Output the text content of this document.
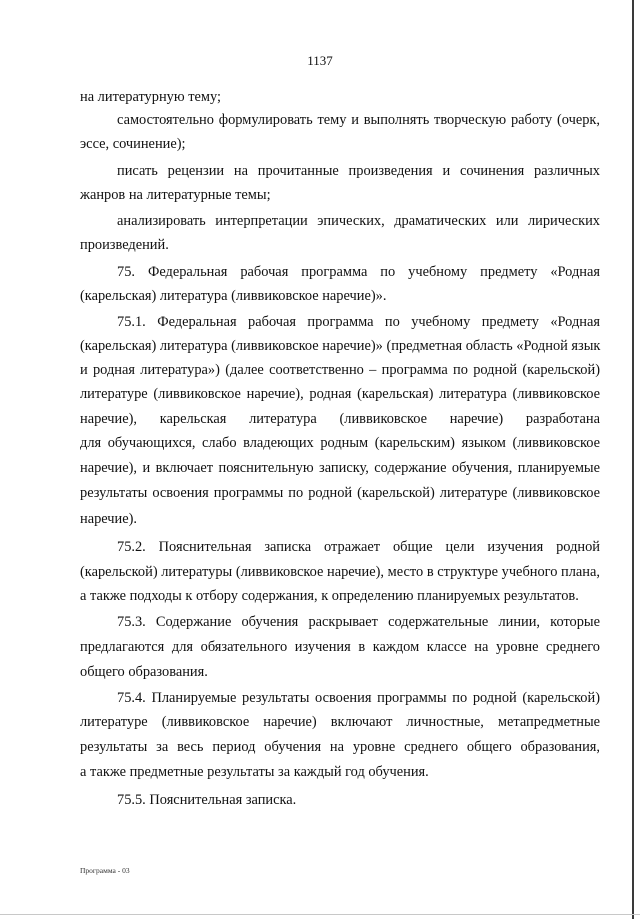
1137
на литературную тему;
самостоятельно формулировать тему и выполнять творческую работу (очерк,
эссе, сочинение);
писать рецензии на прочитанные произведения и сочинения различных
жанров на литературные темы;
анализировать интерпретации эпических, драматических или лирических
произведений.
75. Федеральная рабочая программа по учебному предмету «Родная
(карельская) литература (ливвиковское наречие)».
75.1. Федеральная рабочая программа по учебному предмету «Родная
(карельская) литература (ливвиковское наречие)» (предметная область «Родной язык
и родная литература») (далее соответственно – программа по родной (карельской)
литературе (ливвиковское наречие), родная (карельская) литература (ливвиковское
наречие), карельская литература (ливвиковское наречие) разработана
для обучающихся, слабо владеющих родным (карельским) языком (ливвиковское
наречие), и включает пояснительную записку, содержание обучения, планируемые
результаты освоения программы по родной (карельской) литературе (ливвиковское
наречие).
75.2. Пояснительная записка отражает общие цели изучения родной
(карельской) литературы (ливвиковское наречие), место в структуре учебного плана,
а также подходы к отбору содержания, к определению планируемых результатов.
75.3. Содержание обучения раскрывает содержательные линии, которые
предлагаются для обязательного изучения в каждом классе на уровне среднего
общего образования.
75.4. Планируемые результаты освоения программы по родной (карельской)
литературе (ливвиковское наречие) включают личностные, метапредметные
результаты за весь период обучения на уровне среднего общего образования,
а также предметные результаты за каждый год обучения.
75.5. Пояснительная записка.
Программа - 03
